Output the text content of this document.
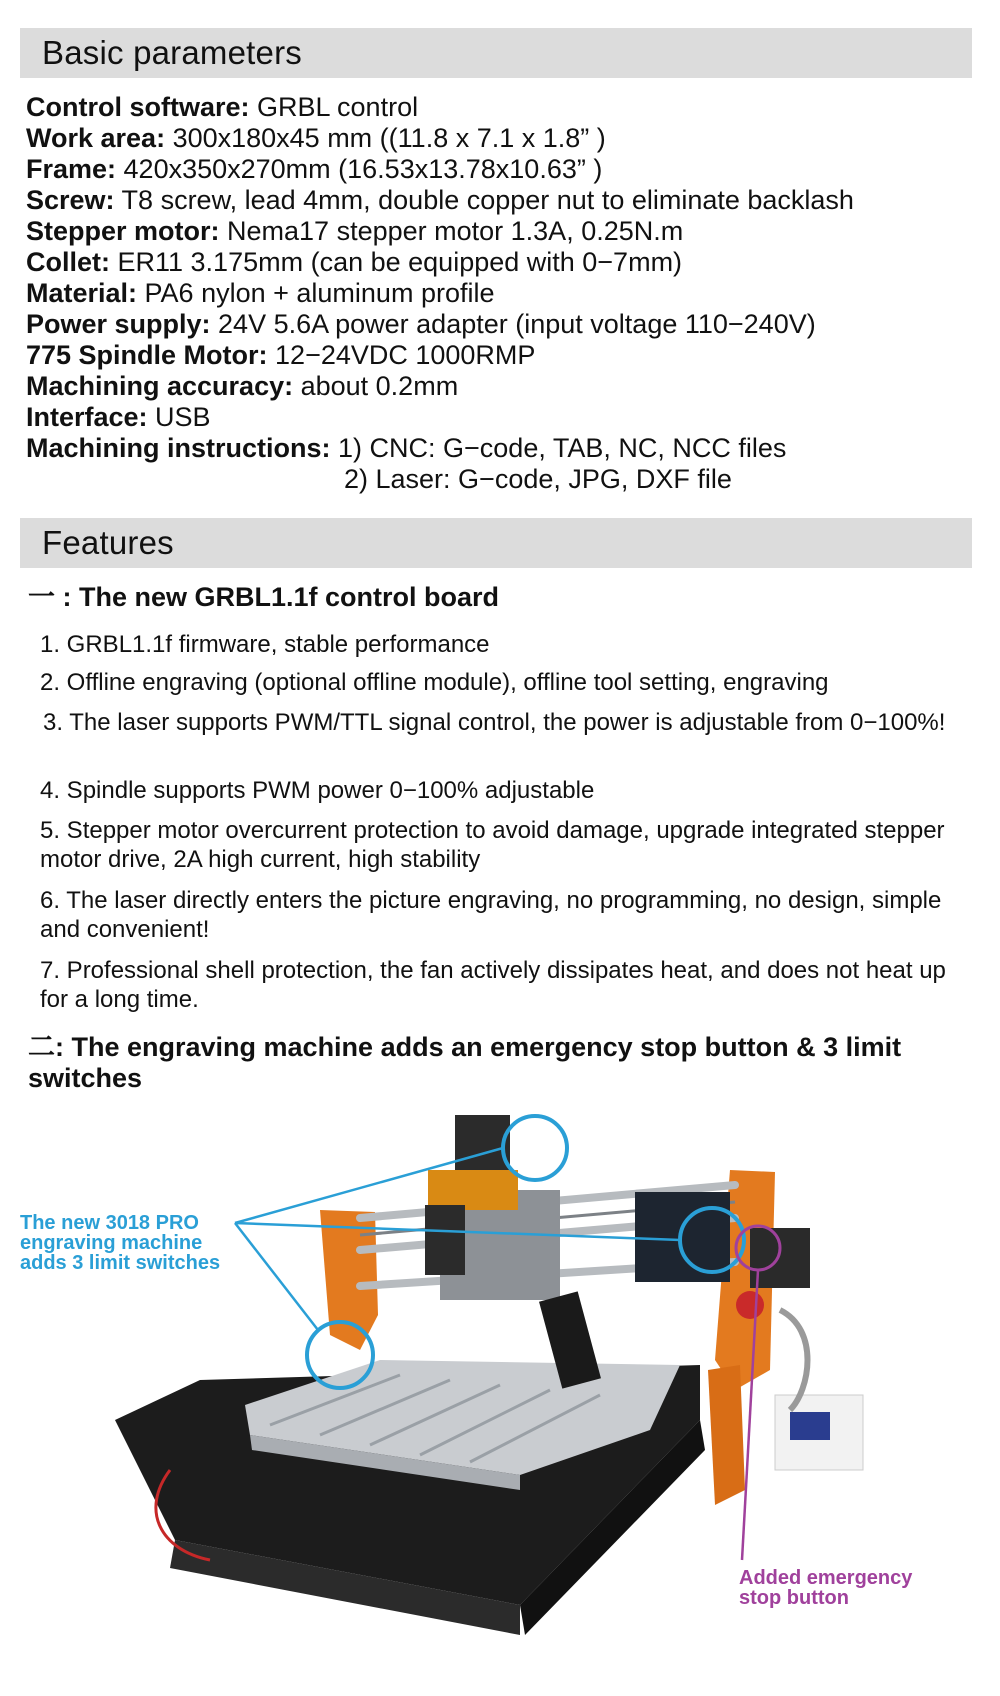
Basic parameters
Control software: GRBL control
Work area: 300x180x45 mm ((11.8 x 7.1 x 1.8” )
Frame: 420x350x270mm (16.53x13.78x10.63” )
Screw: T8 screw, lead 4mm, double copper nut to eliminate backlash
Stepper motor: Nema17 stepper motor 1.3A, 0.25N.m
Collet: ER11 3.175mm (can be equipped with 0−7mm)
Material: PA6 nylon + aluminum profile
Power supply: 24V 5.6A power adapter (input voltage 110−240V)
775 Spindle Motor: 12−24VDC 1000RMP
Machining accuracy: about 0.2mm
Interface: USB
Machining instructions: 1) CNC: G−code, TAB, NC, NCC files
2) Laser: G−code, JPG, DXF file
Features
一 : The new GRBL1.1f control board
1. GRBL1.1f firmware, stable performance
2. Offline engraving (optional offline module), offline tool setting, engraving
3. The laser supports PWM/TTL signal control, the power is adjustable from 0−100%!
4. Spindle supports PWM power 0−100% adjustable
5. Stepper motor overcurrent protection to avoid damage, upgrade integrated stepper motor drive, 2A high current, high stability
6. The laser directly enters the picture engraving, no programming, no design, simple and convenient!
7. Professional shell protection, the fan actively dissipates heat, and does not heat up for a long time.
二: The engraving machine adds an emergency stop button & 3 limit switches
The new 3018 PRO
engraving machine
adds 3 limit switches
Added emergency
stop button
